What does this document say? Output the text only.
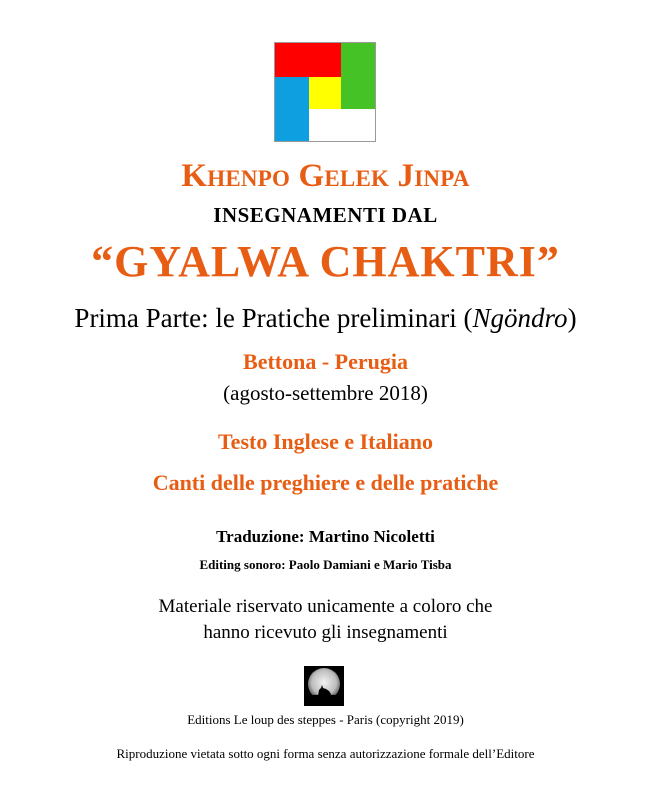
Khenpo Gelek Jinpa
INSEGNAMENTI DAL
“GYALWA CHAKTRI”
Prima Parte: le Pratiche preliminari (Ngöndro)
Bettona - Perugia
(agosto-settembre 2018)
Testo Inglese e Italiano
Canti delle preghiere e delle pratiche
Traduzione: Martino Nicoletti
Editing sonoro: Paolo Damiani e Mario Tisba
Materiale riservato unicamente a coloro che
hanno ricevuto gli insegnamenti
Editions Le loup des steppes - Paris (copyright 2019)
Riproduzione vietata sotto ogni forma senza autorizzazione formale dell’Editore
